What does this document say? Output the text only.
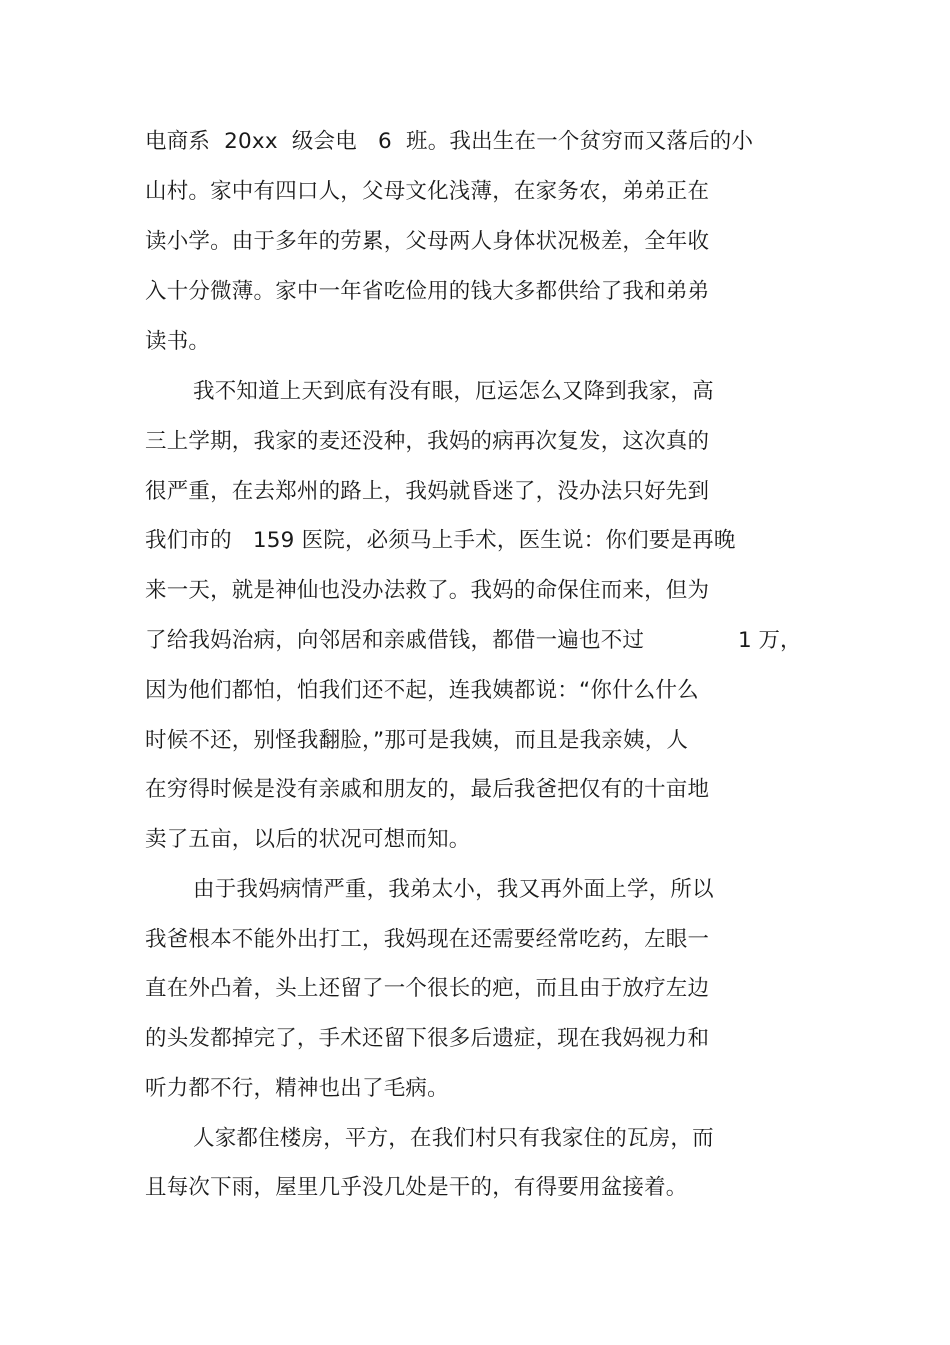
电商系  20xx  级会电   6  班。我出生在一个贫穷而又落后的小
山村。家中有四口人，父母文化浅薄，在家务农，弟弟正在
读小学。由于多年的劳累，父母两人身体状况极差，全年收
入十分微薄。家中一年省吃俭用的钱大多都供给了我和弟弟
读书。
我不知道上天到底有没有眼，厄运怎么又降到我家，高
三上学期，我家的麦还没种，我妈的病再次复发，这次真的
很严重，在去郑州的路上，我妈就昏迷了，没办法只好先到
我们市的   159 医院，必须马上手术，医生说：你们要是再晚
来一天，就是神仙也没办法救了。我妈的命保住而来，但为
了给我妈治病，向邻居和亲戚借钱，都借一遍也不过	1 万，
因为他们都怕，怕我们还不起，连我姨都说：“你什么什么
时候不还，别怪我翻脸，”那可是我姨，而且是我亲姨，人
在穷得时候是没有亲戚和朋友的，最后我爸把仅有的十亩地
卖了五亩，以后的状况可想而知。
由于我妈病情严重，我弟太小，我又再外面上学，所以
我爸根本不能外出打工，我妈现在还需要经常吃药，左眼一
直在外凸着，头上还留了一个很长的疤，而且由于放疗左边
的头发都掉完了，手术还留下很多后遗症，现在我妈视力和
听力都不行，精神也出了毛病。
人家都住楼房，平方，在我们村只有我家住的瓦房，而
且每次下雨，屋里几乎没几处是干的，有得要用盆接着。
